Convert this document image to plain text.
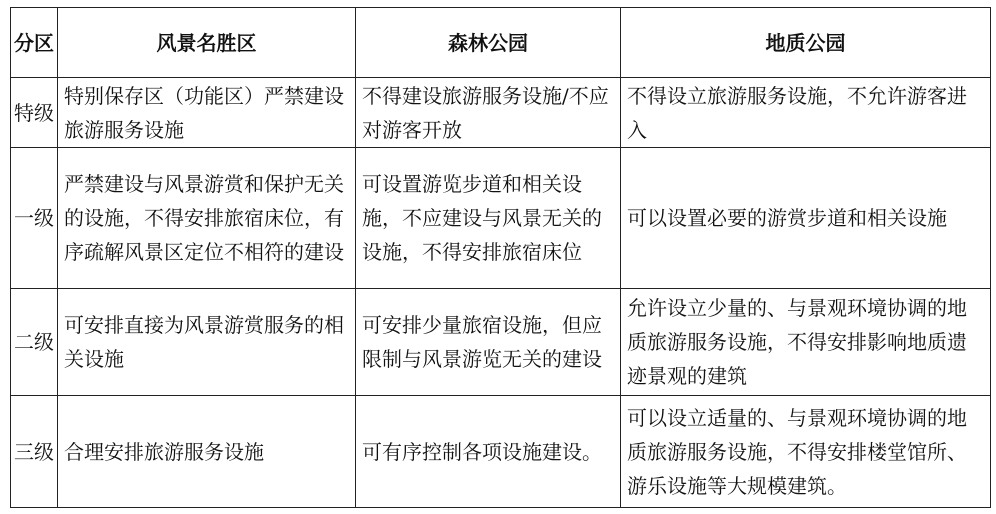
分区	风景名胜区	森林公园	地质公园

特级	特别保存区（功能区）严禁建设旅游服务设施	不得建设旅游服务设施/不应对游客开放	不得设立旅游服务设施，不允许游客进入

一级	严禁建设与风景游赏和保护无关的设施，不得安排旅宿床位，有序疏解风景区定位不相符的建设	可设置游览步道和相关设施，不应建设与风景无关的设施，不得安排旅宿床位	可以设置必要的游赏步道和相关设施

二级	可安排直接为风景游赏服务的相关设施	可安排少量旅宿设施，但应限制与风景游览无关的建设	允许设立少量的、与景观环境协调的地质旅游服务设施，不得安排影响地质遗迹景观的建筑

三级	合理安排旅游服务设施	可有序控制各项设施建设。	可以设立适量的、与景观环境协调的地质旅游服务设施，不得安排楼堂馆所、游乐设施等大规模建筑。
